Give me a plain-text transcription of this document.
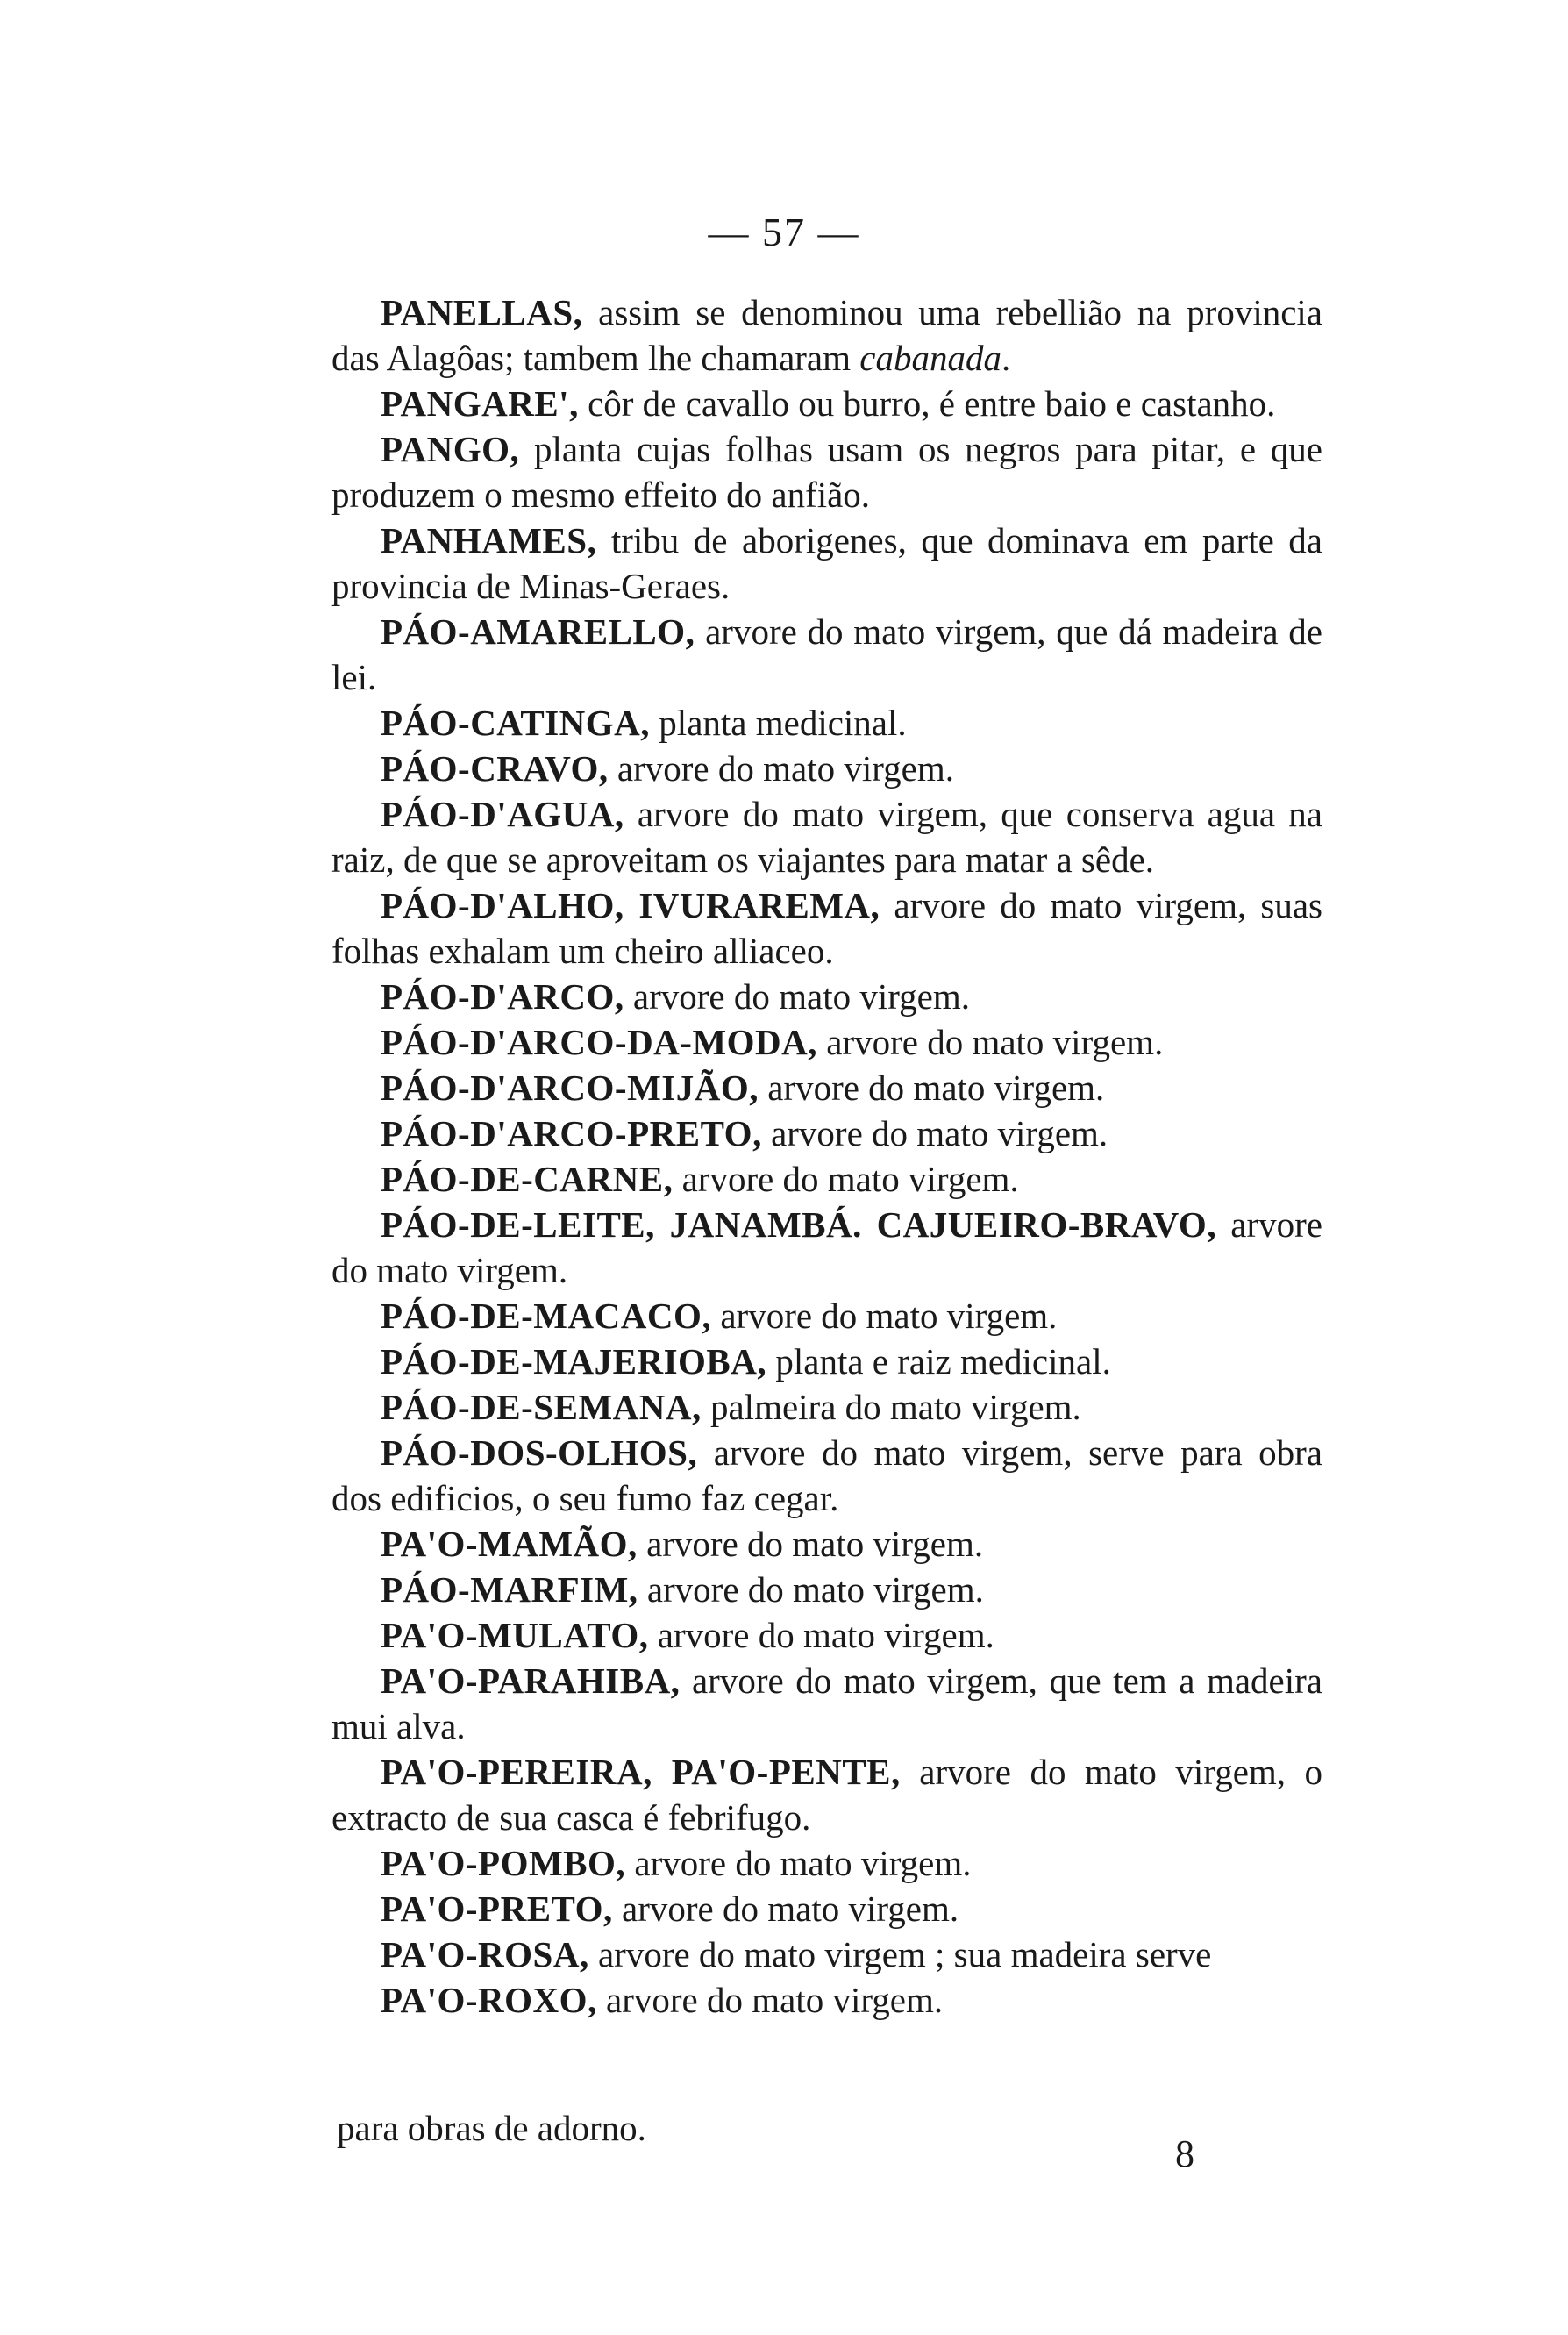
— 57 —

PANELLAS, assim se denominou uma rebellião na provincia das Alagôas; tambem lhe chamaram cabanada.

PANGARE', côr de cavallo ou burro, é entre baio e castanho.

PANGO, planta cujas folhas usam os negros para pitar, e que produzem o mesmo effeito do anfião.

PANHAMES, tribu de aborigenes, que dominava em parte da provincia de Minas-Geraes.

PÁO-AMARELLO, arvore do mato virgem, que dá madeira de lei.

PÁO-CATINGA, planta medicinal.

PÁO-CRAVO, arvore do mato virgem.

PÁO-D'AGUA, arvore do mato virgem, que conserva agua na raiz, de que se aproveitam os viajantes para matar a sêde.

PÁO-D'ALHO, IVURAREMA, arvore do mato virgem, suas folhas exhalam um cheiro alliaceo.

PÁO-D'ARCO, arvore do mato virgem.

PÁO-D'ARCO-DA-MODA, arvore do mato virgem.

PÁO-D'ARCO-MIJÃO, arvore do mato virgem.

PÁO-D'ARCO-PRETO, arvore do mato virgem.

PÁO-DE-CARNE, arvore do mato virgem.

PÁO-DE-LEITE, JANAMBÁ. CAJUEIRO-BRAVO, arvore do mato virgem.

PÁO-DE-MACACO, arvore do mato virgem.

PÁO-DE-MAJERIOBA, planta e raiz medicinal.

PÁO-DE-SEMANA, palmeira do mato virgem.

PÁO-DOS-OLHOS, arvore do mato virgem, serve para obra dos edificios, o seu fumo faz cegar.

PA'O-MAMÃO, arvore do mato virgem.

PÁO-MARFIM, arvore do mato virgem.

PA'O-MULATO, arvore do mato virgem.

PA'O-PARAHIBA, arvore do mato virgem, que tem a madeira mui alva.

PA'O-PEREIRA, PA'O-PENTE, arvore do mato virgem, o extracto de sua casca é febrifugo.

PA'O-POMBO, arvore do mato virgem.

PA'O-PRETO, arvore do mato virgem.

PA'O-ROSA, arvore do mato virgem ; sua madeira serve

PA'O-ROXO, arvore do mato virgem.

para obras de adorno.
8
